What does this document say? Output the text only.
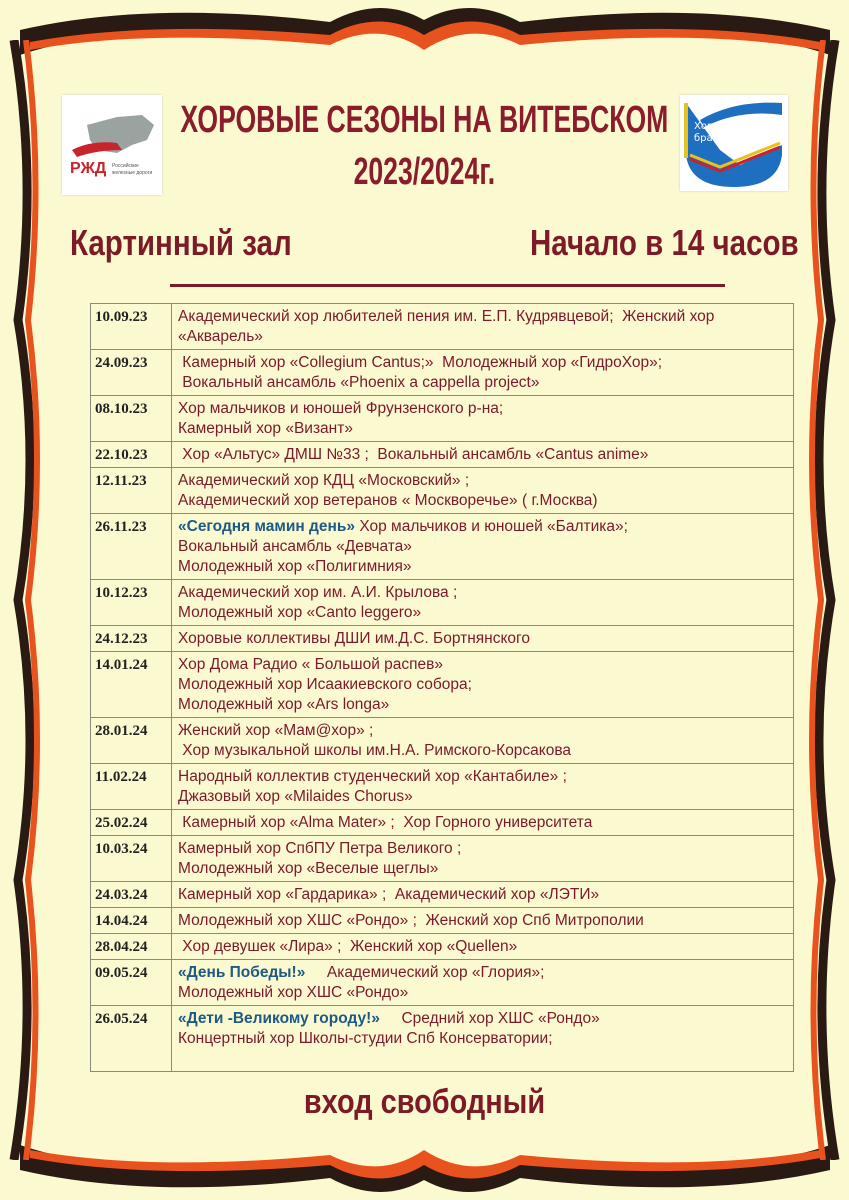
РЖД Российские
железные дороги
Хоровое
братство
ХОРОВЫЕ СЕЗОНЫ НА ВИТЕБСКОМ
2023/2024г.
Картинный зал	Начало в 14 часов
10.09.23	Академический хор любителей пения им. Е.П. Кудрявцевой;  Женский хор
«Акварель»

24.09.23	Камерный хор «Collegium Cantus;»  Молодежный хор «ГидроХор»;
Вокальный ансамбль «Phoenix a cappella project»

08.10.23	Хор мальчиков и юношей Фрунзенского р-на;
Камерный хор «Визант»

22.10.23	Хор «Альтус» ДМШ №33 ;  Вокальный ансамбль «Cantus anime»

12.11.23	Академический хор КДЦ «Московский» ;
Академический хор ветеранов « Москворечье» ( г.Москва)

26.11.23	«Сегодня мамин день» Хор мальчиков и юношей «Балтика»;
Вокальный ансамбль «Девчата»
Молодежный хор «Полигимния»

10.12.23	Академический хор им. А.И. Крылова ;
Молодежный хор «Canto leggero»

24.12.23	Хоровые коллективы ДШИ им.Д.С. Бортнянского

14.01.24	Хор Дома Радио « Большой распев»
Молодежный хор Исаакиевского собора;
Молодежный хор «Ars longa»

28.01.24	Женский хор «Мам@хор» ;
Хор музыкальной школы им.Н.А. Римского-Корсакова

11.02.24	Народный коллектив студенческий хор «Кантабиле» ;
Джазовый хор «Milaides Chorus»

25.02.24	Камерный хор «Alma Mater» ;  Хор Горного университета

10.03.24	Камерный хор СпбПУ Петра Великого ;
Молодежный хор «Веселые щеглы»

24.03.24	Камерный хор «Гардарика» ;  Академический хор «ЛЭТИ»

14.04.24	Молодежный хор ХШС «Рондо» ;  Женский хор Спб Митрополии

28.04.24	Хор девушек «Лира» ;  Женский хор «Quellen»

09.05.24	«День Победы!»     Академический хор «Глория»;
Молодежный хор ХШС «Рондо»

26.05.24	«Дети -Великому городу!»     Средний хор ХШС «Рондо»
Концертный хор Школы-студии Спб Консерватории;

вход свободный
